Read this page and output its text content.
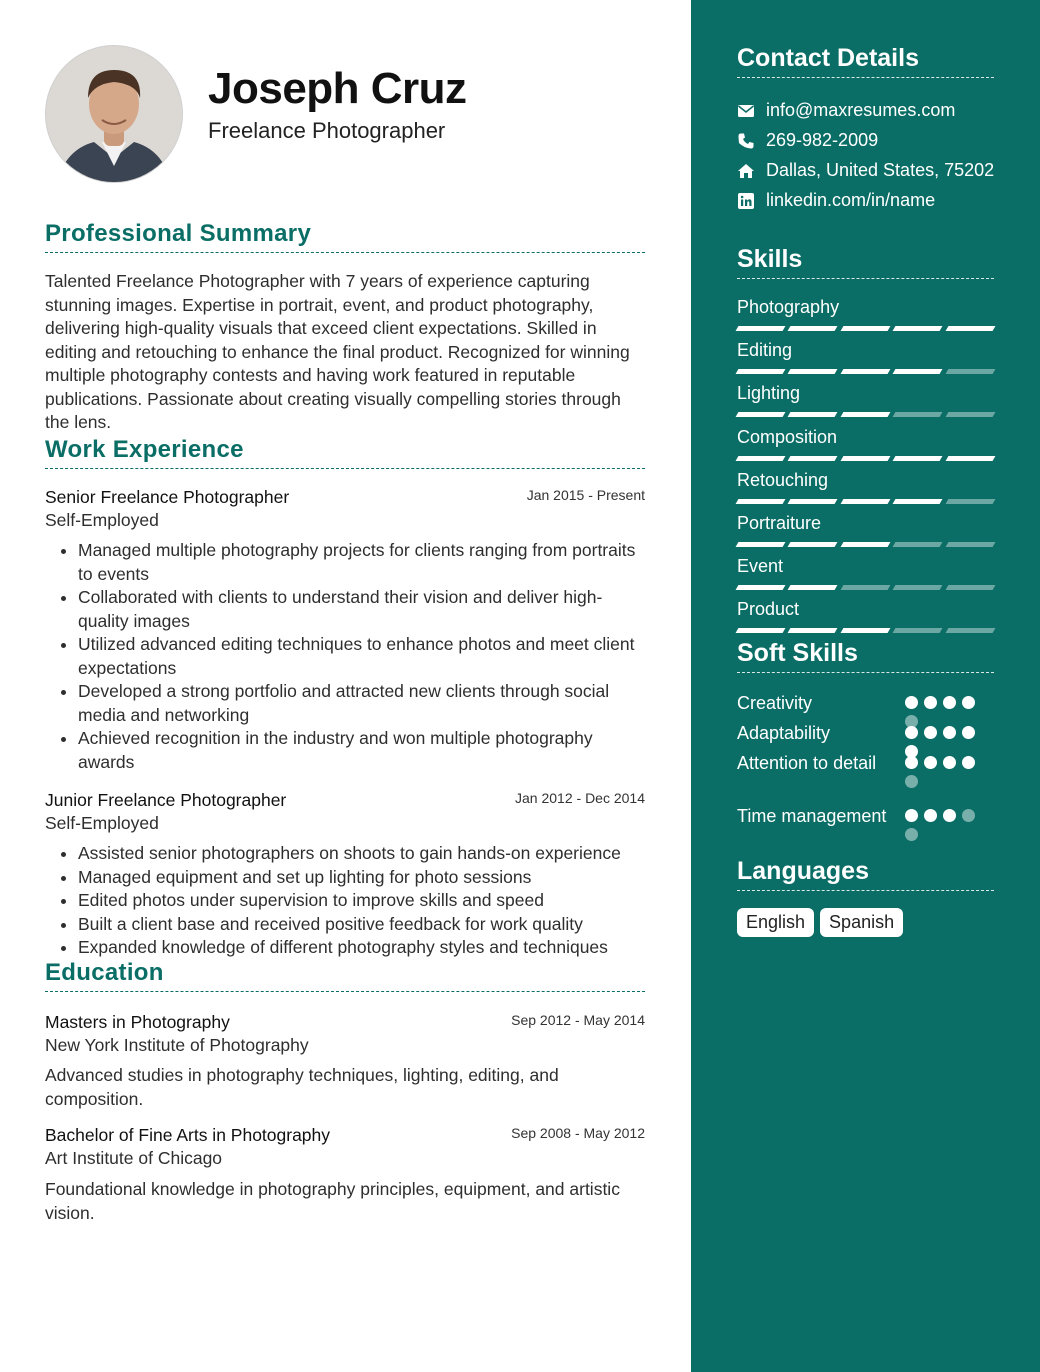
Joseph Cruz
Freelance Photographer
Professional Summary
Talented Freelance Photographer with 7 years of experience capturing stunning images. Expertise in portrait, event, and product photography, delivering high-quality visuals that exceed client expectations. Skilled in editing and retouching to enhance the final product. Recognized for winning multiple photography contests and having work featured in reputable publications. Passionate about creating visually compelling stories through the lens.
Work Experience
Senior Freelance Photographer
Self-Employed
Jan 2015 - Present
• Managed multiple photography projects for clients ranging from portraits to events
• Collaborated with clients to understand their vision and deliver high-quality images
• Utilized advanced editing techniques to enhance photos and meet client expectations
• Developed a strong portfolio and attracted new clients through social media and networking
• Achieved recognition in the industry and won multiple photography awards
Junior Freelance Photographer
Self-Employed
Jan 2012 - Dec 2014
• Assisted senior photographers on shoots to gain hands-on experience
• Managed equipment and set up lighting for photo sessions
• Edited photos under supervision to improve skills and speed
• Built a client base and received positive feedback for work quality
• Expanded knowledge of different photography styles and techniques
Education
Masters in Photography
New York Institute of Photography
Sep 2012 - May 2014
Advanced studies in photography techniques, lighting, editing, and composition.
Bachelor of Fine Arts in Photography
Art Institute of Chicago
Sep 2008 - May 2012
Foundational knowledge in photography principles, equipment, and artistic vision.
Contact Details
info@maxresumes.com
269-982-2009
Dallas, United States, 75202
linkedin.com/in/name
Skills
Photography
Editing
Lighting
Composition
Retouching
Portraiture
Event
Product
Soft Skills
Creativity
Adaptability
Attention to detail
Time management
Languages
English	Spanish
